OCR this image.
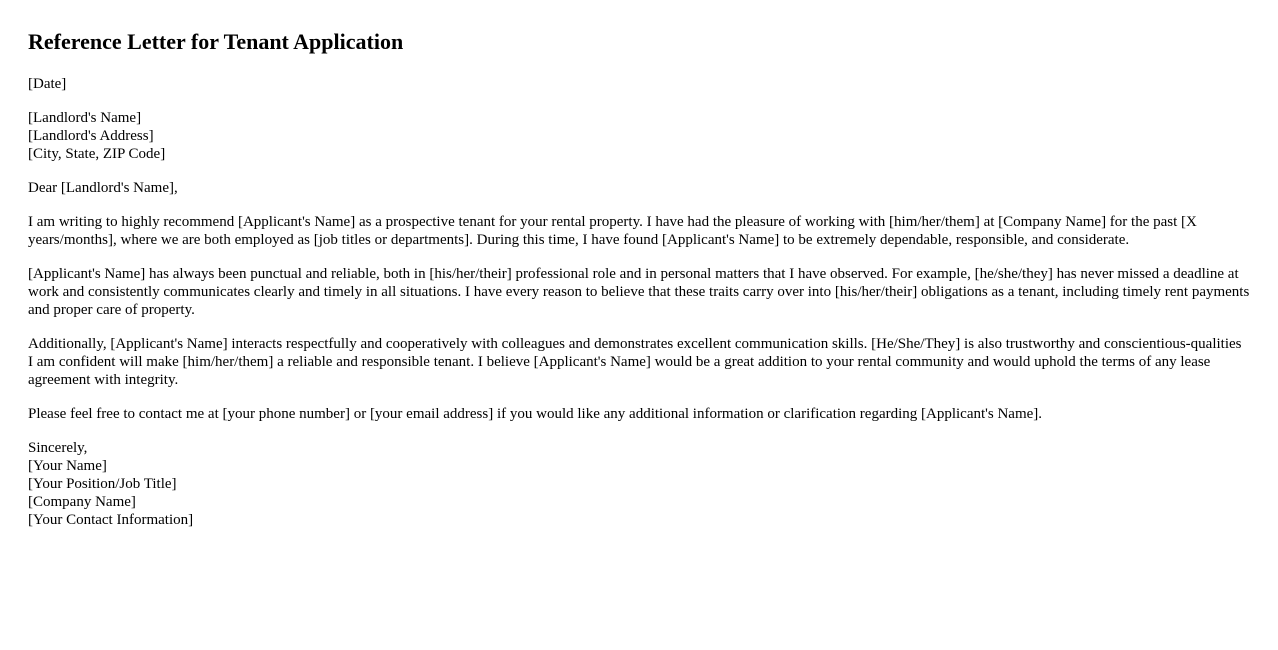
Reference Letter for Tenant Application
[Date]
[Landlord's Name]
[Landlord's Address]
[City, State, ZIP Code]
Dear [Landlord's Name],

I am writing to highly recommend [Applicant's Name] as a prospective tenant for your rental property. I have had the pleasure of working with [him/her/them] at [Company Name] for the past [X years/months], where we are both employed as [job titles or departments]. During this time, I have found [Applicant's Name] to be extremely dependable, responsible, and considerate.

[Applicant's Name] has always been punctual and reliable, both in [his/her/their] professional role and in personal matters that I have observed. For example, [he/she/they] has never missed a deadline at work and consistently communicates clearly and timely in all situations. I have every reason to believe that these traits carry over into [his/her/their] obligations as a tenant, including timely rent payments and proper care of property.

Additionally, [Applicant's Name] interacts respectfully and cooperatively with colleagues and demonstrates excellent communication skills. [He/She/They] is also trustworthy and conscientious-qualities I am confident will make [him/her/them] a reliable and responsible tenant. I believe [Applicant's Name] would be a great addition to your rental community and would uphold the terms of any lease agreement with integrity.

Please feel free to contact me at [your phone number] or [your email address] if you would like any additional information or clarification regarding [Applicant's Name].

Sincerely,
[Your Name]
[Your Position/Job Title]
[Company Name]
[Your Contact Information]
